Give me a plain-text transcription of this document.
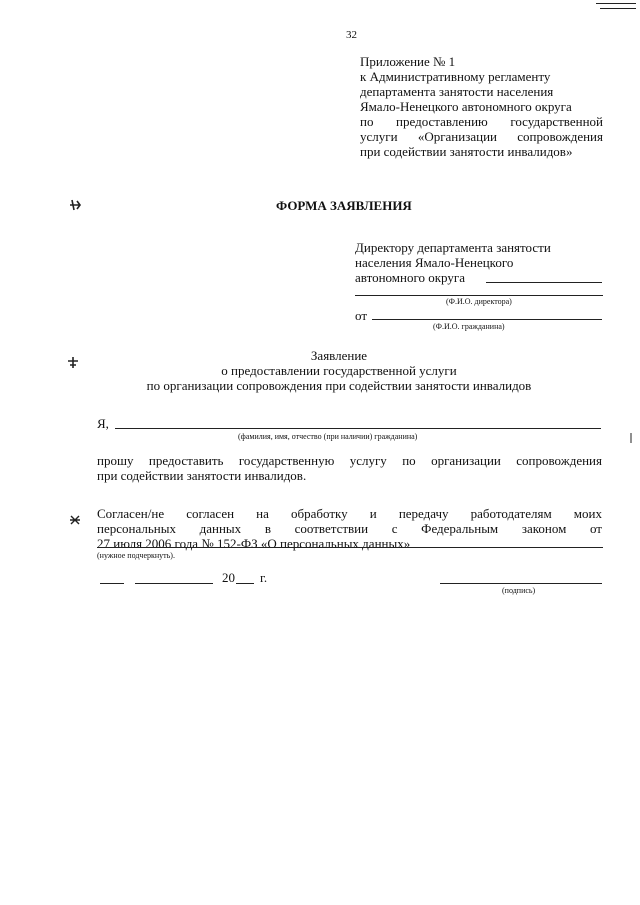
32
Приложение № 1
к Административному регламенту
департамента занятости населения
Ямало-Ненецкого автономного округа
по предоставлению государственной
услуги «Организации сопровождения
при содействии занятости инвалидов»
ФОРМА ЗАЯВЛЕНИЯ
Директору департамента занятости
населения Ямало-Ненецкого
автономного округа
(Ф.И.О. директора)
от
(Ф.И.О. гражданина)
Заявление
о предоставлении государственной услуги
по организации сопровождения при содействии занятости инвалидов
Я,
(фамилия, имя, отчество (при наличии) гражданина)
прошу предоставить государственную услугу по организации сопровождения
при содействии занятости инвалидов.
Согласен/не согласен на обработку и передачу работодателям моих
персональных данных в соответствии с Федеральным законом от
27 июля 2006 года № 152-ФЗ «О персональных данных»
(нужное подчеркнуть).
20 г.
(подпись)
